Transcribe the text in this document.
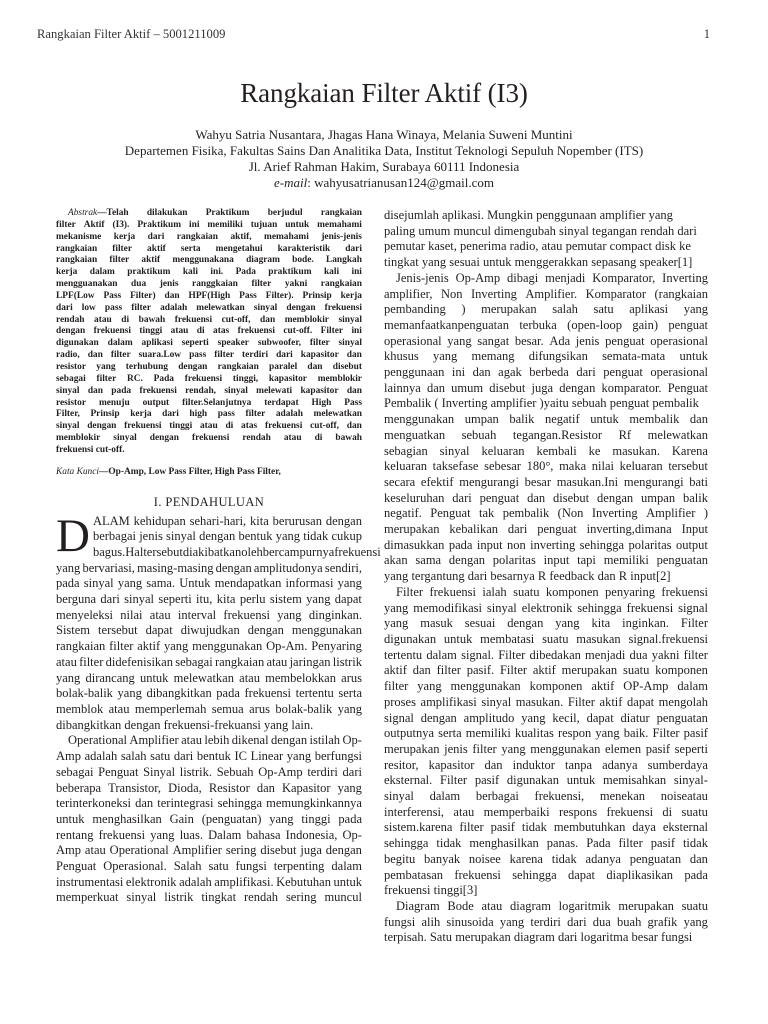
Rangkaian Filter Aktif – 5001211009	1
Rangkaian Filter Aktif (I3)

Wahyu Satria Nusantara, Jhagas Hana Winaya, Melania Suweni Muntini

Departemen Fisika, Fakultas Sains Dan Analitika Data, Institut Teknologi Sepuluh Nopember (ITS)

Jl. Arief Rahman Hakim, Surabaya 60111 Indonesia

e-mail: wahyusatrianusan124@gmail.com

Abstrak—Telah dilakukan Praktikum berjudul rangkaian
filter Aktif (I3). Praktikum ini memiliki tujuan untuk memahami
mekanisme kerja dari rangkaian aktif, memahami jenis-jenis
rangkaian filter aktif serta mengetahui karakteristik dari
rangkaian filter aktif menggunakana diagram bode. Langkah
kerja dalam praktikum kali ini. Pada praktikum kali ini
mengguanakan dua jenis ranggkaian filter yakni rangkaian
LPF(Low Pass Filter) dan HPF(High Pass Filter). Prinsip kerja
dari low pass filter adalah melewatkan sinyal dengan frekuensi
rendah atau di bawah frekuensi cut-off, dan memblokir sinyal
dengan frekuensi tinggi atau di atas frekuensi cut-off. Filter ini
digunakan dalam aplikasi seperti speaker subwoofer, filter sinyal
radio, dan filter suara.Low pass filter terdiri dari kapasitor dan
resistor yang terhubung dengan rangkaian paralel dan disebut
sebagai filter RC. Pada frekuensi tinggi, kapasitor memblokir
sinyal dan pada frekuensi rendah, sinyal melewati kapasitor dan
resistor menuju output filter.Selanjutnya terdapat High Pass
Filter, Prinsip kerja dari high pass filter adalah melewatkan
sinyal dengan frekuensi tinggi atau di atas frekuensi cut-off, dan
memblokir sinyal dengan frekuensi rendah atau di bawah
frekuensi cut-off.

Kata Kunci—Op-Amp, Low Pass Filter, High Pass Filter,

I. PENDAHULUAN
D ALAM kehidupan sehari-hari, kita berurusan dengan
berbagai jenis sinyal dengan bentuk yang tidak cukup
bagus. Hal tersebut diakibatkan oleh bercampurnya frekuensi
yang bervariasi, masing-masing dengan amplitudonya sendiri,
pada sinyal yang sama. Untuk mendapatkan informasi yang
berguna dari sinyal seperti itu, kita perlu sistem yang dapat
menyeleksi nilai atau interval frekuensi yang dinginkan.
Sistem tersebut dapat diwujudkan dengan menggunakan
rangkaian filter aktif yang menggunakan Op-Am. Penyaring
atau filter didefenisikan sebagai rangkaian atau jaringan listrik
yang dirancang untuk melewatkan atau membelokkan arus
bolak-balik yang dibangkitkan pada frekuensi tertentu serta
memblok atau memperlemah semua arus bolak-balik yang
dibangkitkan dengan frekuensi-frekuansi yang lain.
Operational Amplifier atau lebih dikenal dengan istilah Op-
Amp adalah salah satu dari bentuk IC Linear yang berfungsi
sebagai Penguat Sinyal listrik. Sebuah Op-Amp terdiri dari
beberapa Transistor, Dioda, Resistor dan Kapasitor yang
terinterkoneksi dan terintegrasi sehingga memungkinkannya
untuk menghasilkan Gain (penguatan) yang tinggi pada
rentang frekuensi yang luas. Dalam bahasa Indonesia, Op-
Amp atau Operational Amplifier sering disebut juga dengan
Penguat Operasional. Salah satu fungsi terpenting dalam
instrumentasi elektronik adalah amplifikasi. Kebutuhan untuk
memperkuat sinyal listrik tingkat rendah sering muncul
disejumlah aplikasi. Mungkin penggunaan amplifier yang
paling umum muncul dimengubah sinyal tegangan rendah dari
pemutar kaset, penerima radio, atau pemutar compact disk ke
tingkat yang sesuai untuk menggerakkan sepasang speaker[1]
Jenis-jenis Op-Amp dibagi menjadi Komparator, Inverting
amplifier, Non Inverting Amplifier. Komparator (rangkaian
pembanding ) merupakan salah satu aplikasi yang
memanfaatkanpenguatan terbuka (open-loop gain) penguat
operasional yang sangat besar. Ada jenis penguat operasional
khusus yang memang difungsikan semata-mata untuk
penggunaan ini dan agak berbeda dari penguat operasional
lainnya dan umum disebut juga dengan komparator. Penguat
Pembalik ( Inverting amplifier )yaitu sebuah penguat pembalik
menggunakan umpan balik negatif untuk membalik dan
menguatkan sebuah tegangan.Resistor Rf melewatkan
sebagian sinyal keluaran kembali ke masukan. Karena
keluaran taksefase sebesar 180°, maka nilai keluaran tersebut
secara efektif mengurangi besar masukan.Ini mengurangi bati
keseluruhan dari penguat dan disebut dengan umpan balik
negatif. Penguat tak pembalik (Non Inverting Amplifier )
merupakan kebalikan dari penguat inverting,dimana Input
dimasukkan pada input non inverting sehingga polaritas output
akan sama dengan polaritas input tapi memiliki penguatan
yang tergantung dari besarnya R feedback dan R input[2]
Filter frekuensi ialah suatu komponen penyaring frekuensi
yang memodifikasi sinyal elektronik sehingga frekuensi signal
yang masuk sesuai dengan yang kita inginkan. Filter
digunakan untuk membatasi suatu masukan signal.frekuensi
tertentu dalam signal. Filter dibedakan menjadi dua yakni filter
aktif dan filter pasif. Filter aktif merupakan suatu komponen
filter yang menggunakan komponen aktif OP-Amp dalam
proses amplifikasi sinyal masukan. Filter aktif dapat mengolah
signal dengan amplitudo yang kecil, dapat diatur penguatan
outputnya serta memiliki kualitas respon yang baik. Filter pasif
merupakan jenis filter yang menggunakan elemen pasif seperti
resitor, kapasitor dan induktor tanpa adanya sumberdaya
eksternal. Filter pasif digunakan untuk memisahkan sinyal-
sinyal dalam berbagai frekuensi, menekan noiseatau
interferensi, atau memperbaiki respons frekuensi di suatu
sistem.karena filter pasif tidak membutuhkan daya eksternal
sehingga tidak menghasilkan panas. Pada filter pasif tidak
begitu banyak noisee karena tidak adanya penguatan dan
pembatasan frekuensi sehingga dapat diaplikasikan pada
frekuensi tinggi[3]
Diagram Bode atau diagram logaritmik merupakan suatu
fungsi alih sinusoida yang terdiri dari dua buah grafik yang
terpisah. Satu merupakan diagram dari logaritma besar fungsi
